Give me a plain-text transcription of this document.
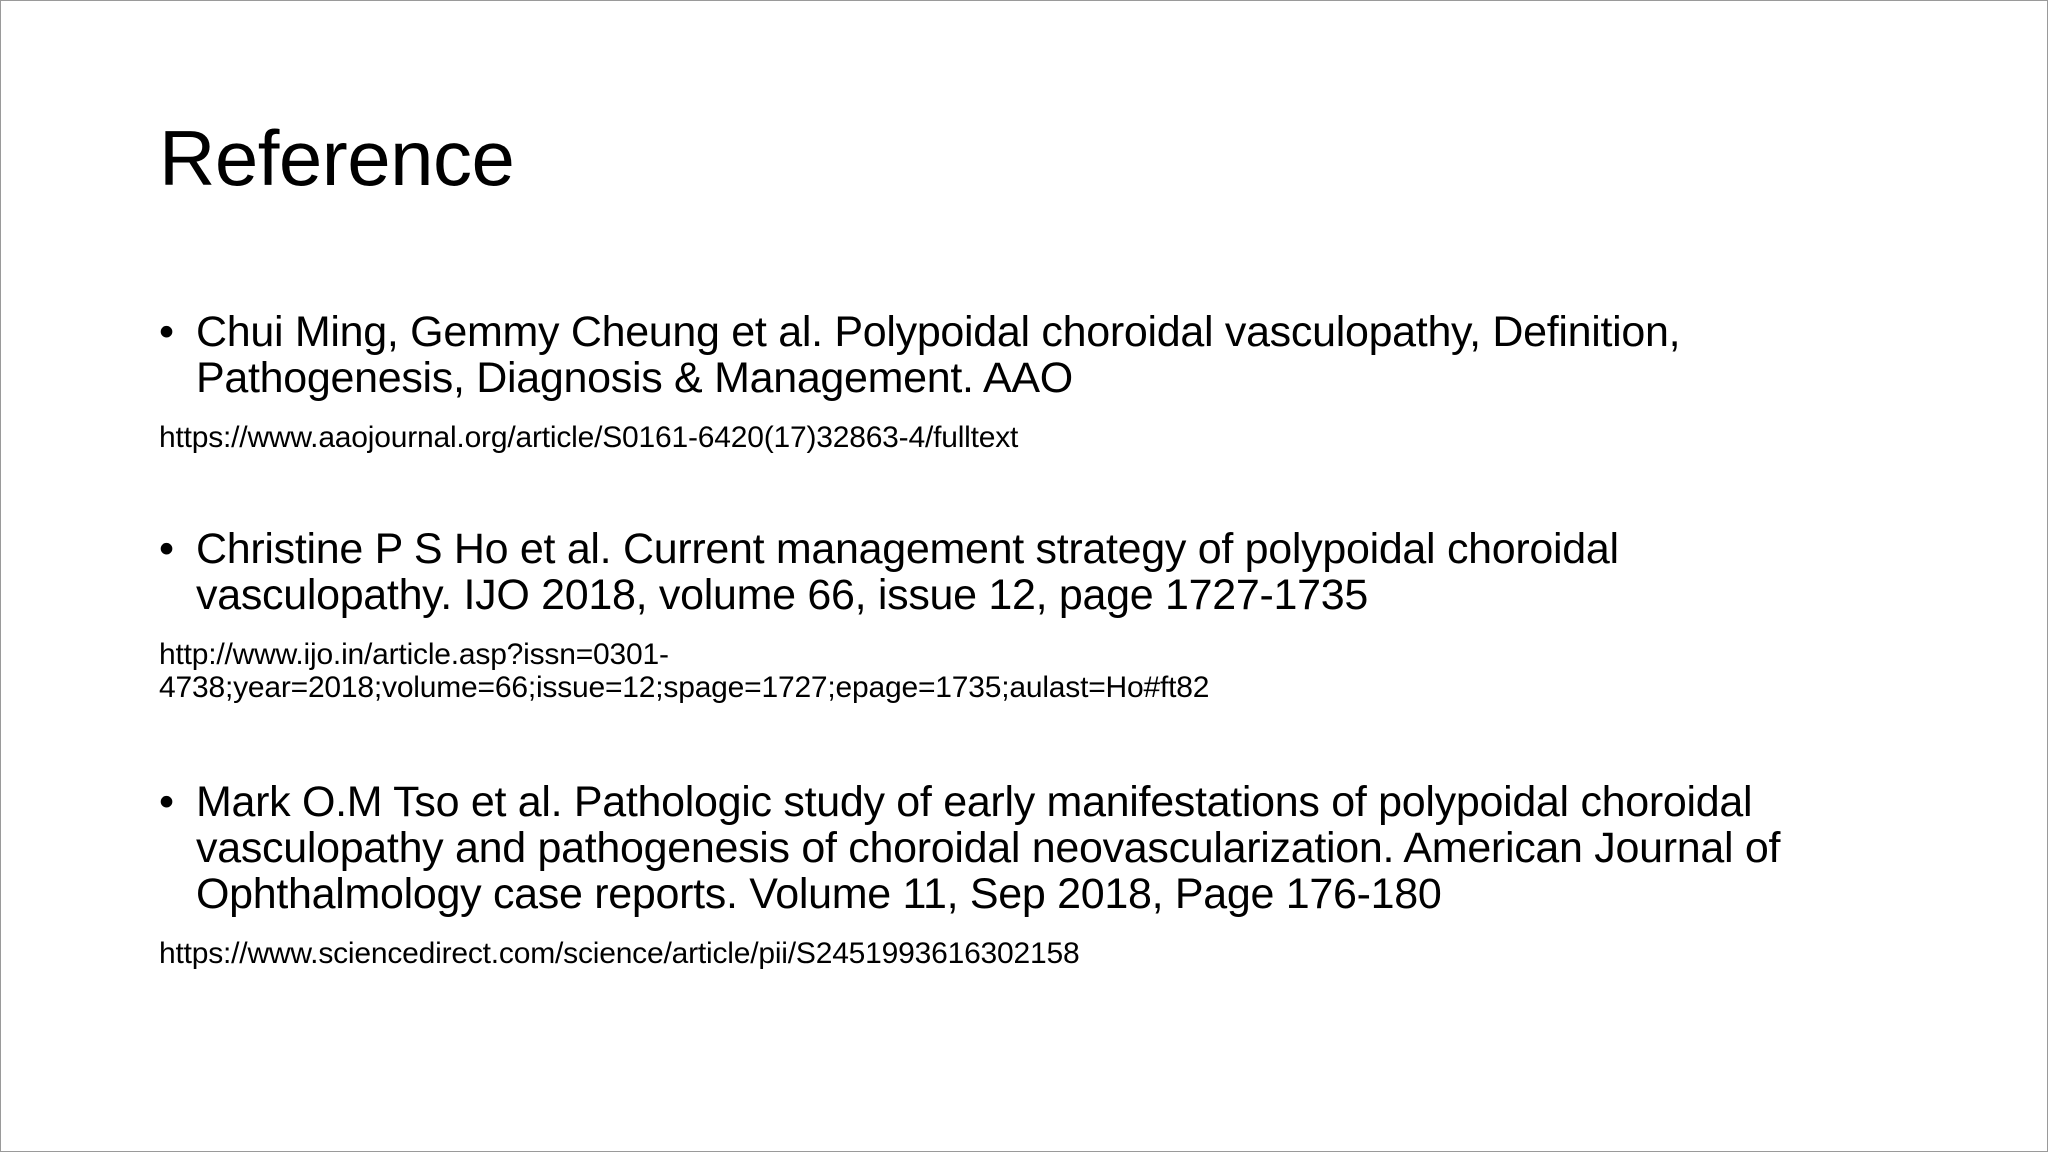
Reference
• Chui Ming, Gemmy Cheung et al. Polypoidal choroidal vasculopathy, Definition, Pathogenesis, Diagnosis & Management. AAO
https://www.aaojournal.org/article/S0161-6420(17)32863-4/fulltext
• Christine P S Ho et al. Current management strategy of polypoidal choroidal vasculopathy. IJO 2018, volume 66, issue 12, page 1727-1735
http://www.ijo.in/article.asp?issn=0301-
4738;year=2018;volume=66;issue=12;spage=1727;epage=1735;aulast=Ho#ft82
• Mark O.M Tso et al. Pathologic study of early manifestations of polypoidal choroidal vasculopathy and pathogenesis of choroidal neovascularization. American Journal of Ophthalmology case reports. Volume 11, Sep 2018, Page 176-180
https://www.sciencedirect.com/science/article/pii/S2451993616302158
